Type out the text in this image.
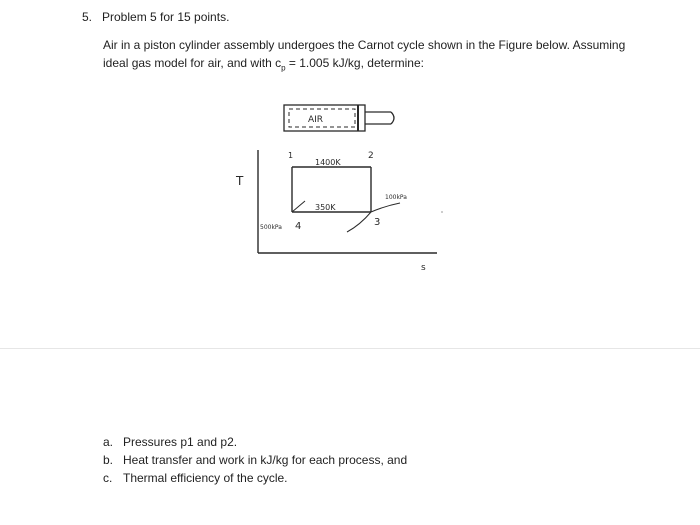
5. Problem 5 for 15 points.
Air in a piston cylinder assembly undergoes the Carnot cycle shown in the Figure below. Assuming
ideal gas model for air, and with $c_p = 1.005$ kJ/kg, determine:
AIR
T
s
1	2
3
4
1400K
350K
100kPa
500kPa
a. Pressures p1 and p2.
b. Heat transfer and work in kJ/kg for each process, and
c. Thermal efficiency of the cycle.
